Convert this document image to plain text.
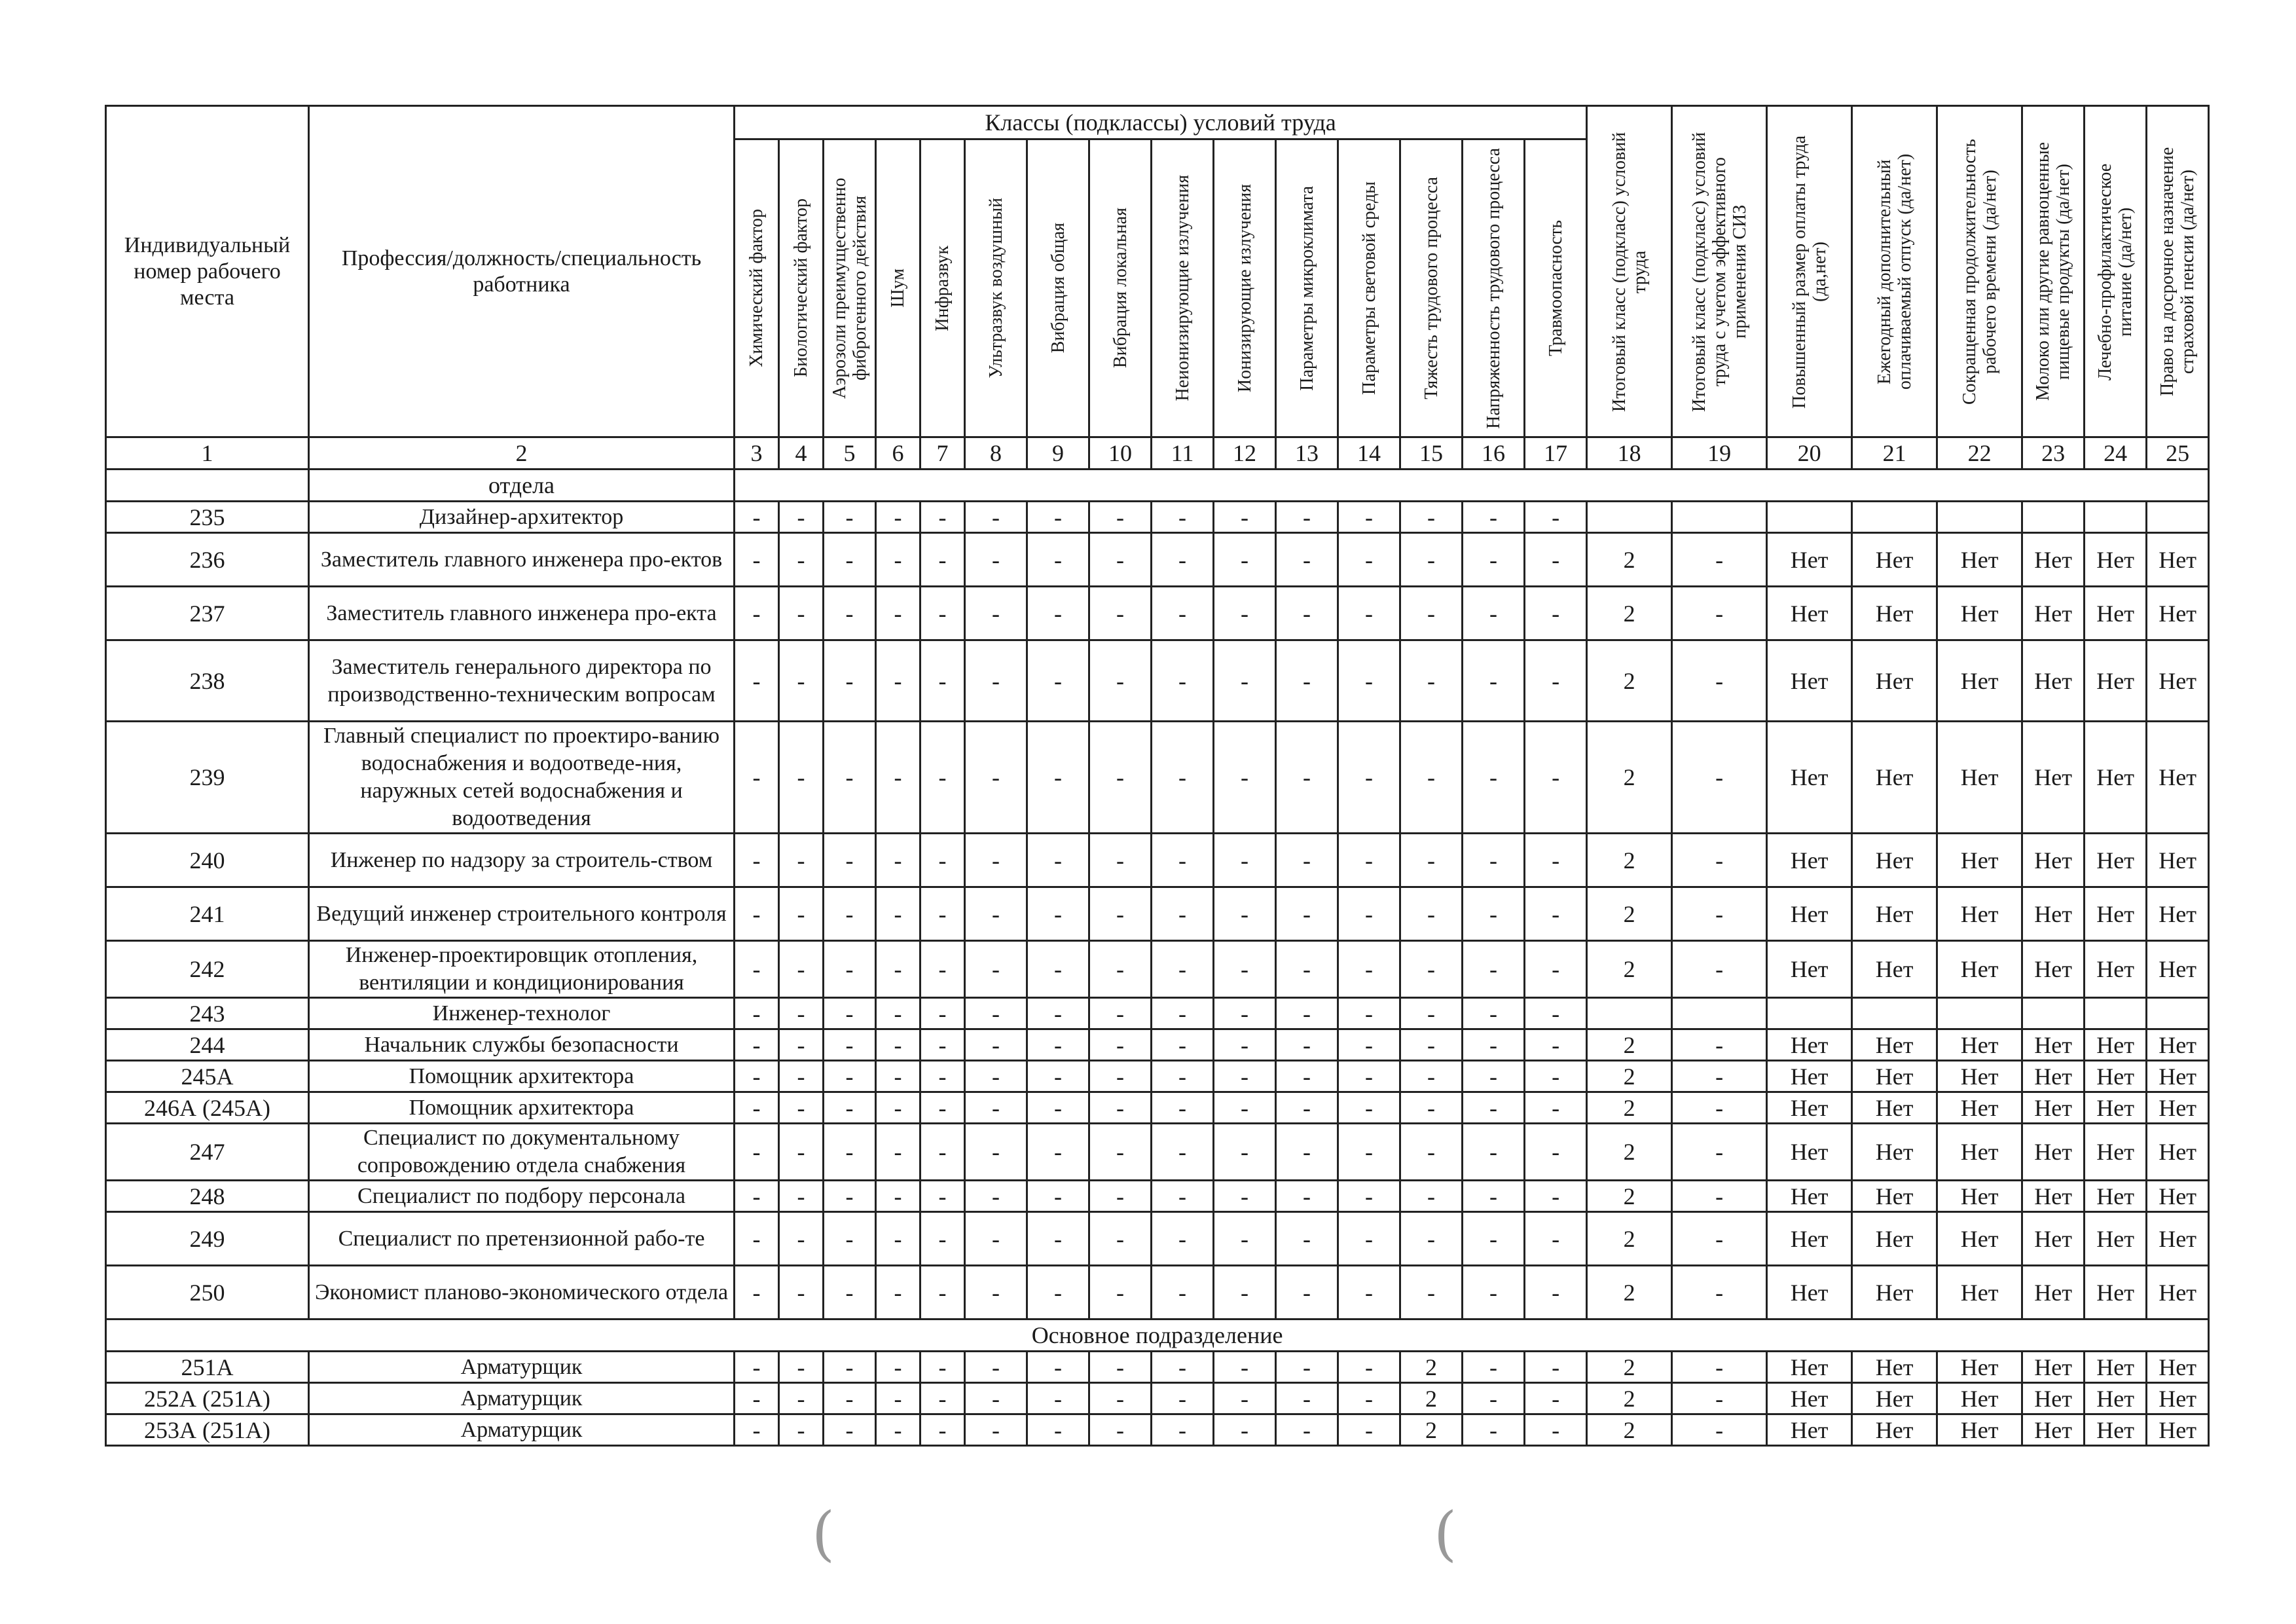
Индивидуальный номер рабочего места	Профессия/должность/специальность работника	Классы (подклассы) условий труда															Итоговый класс (подкласс) условий труда	Итоговый класс (подкласс) условий труда с учетом эффективного применения СИЗ	Повышенный размер оплаты труда (да,нет)	Ежегодный дополнительный оплачиваемый отпуск (да/нет)	Сокращенная продолжительность рабочего времени (да/нет)	Молоко или другие равноценные пищевые продукты (да/нет)	Лечебно-профилактическое питание (да/нет)	Право на досрочное назначение страховой пенсии (да/нет)

		Химический фактор	Биологический фактор	Аэрозоли преимущественно фиброгенного действия	Шум	Инфразвук	Ультразвук воздушный	Вибрация общая	Вибрация локальная	Неионизирующие излучения	Ионизирующие излучения	Параметры микроклимата	Параметры световой среды	Тяжесть трудового процесса	Напряженность трудового процесса	Травмоопасность								

1	2	3	4	5	6	7	8	9	10	11	12	13	14	15	16	17	18	19	20	21	22	23	24	25
	отдела																							
235	Дизайнер-архитектор	-	-	-	-	-	-	-	-	-	-	-	-	-	-	-								
236	Заместитель главного инженера про-ектов	-	-	-	-	-	-	-	-	-	-	-	-	-	-	-	2	-	Нет	Нет	Нет	Нет	Нет	Нет
237	Заместитель главного инженера про-екта	-	-	-	-	-	-	-	-	-	-	-	-	-	-	-	2	-	Нет	Нет	Нет	Нет	Нет	Нет
238	Заместитель генерального директора по производственно-техническим вопросам	-	-	-	-	-	-	-	-	-	-	-	-	-	-	-	2	-	Нет	Нет	Нет	Нет	Нет	Нет
239	Главный специалист по проектиро-ванию водоснабжения и водоотведе-ния, наружных сетей водоснабжения и водоотведения	-	-	-	-	-	-	-	-	-	-	-	-	-	-	-	2	-	Нет	Нет	Нет	Нет	Нет	Нет
240	Инженер по надзору за строитель-ством	-	-	-	-	-	-	-	-	-	-	-	-	-	-	-	2	-	Нет	Нет	Нет	Нет	Нет	Нет
241	Ведущий инженер строительного контроля	-	-	-	-	-	-	-	-	-	-	-	-	-	-	-	2	-	Нет	Нет	Нет	Нет	Нет	Нет
242	Инженер-проектировщик отопления, вентиляции и кондиционирования	-	-	-	-	-	-	-	-	-	-	-	-	-	-	-	2	-	Нет	Нет	Нет	Нет	Нет	Нет
243	Инженер-технолог	-	-	-	-	-	-	-	-	-	-	-	-	-	-	-								
244	Начальник службы безопасности	-	-	-	-	-	-	-	-	-	-	-	-	-	-	-	2	-	Нет	Нет	Нет	Нет	Нет	Нет
245А	Помощник архитектора	-	-	-	-	-	-	-	-	-	-	-	-	-	-	-	2	-	Нет	Нет	Нет	Нет	Нет	Нет
246А (245А)	Помощник архитектора	-	-	-	-	-	-	-	-	-	-	-	-	-	-	-	2	-	Нет	Нет	Нет	Нет	Нет	Нет
247	Специалист по документальному сопровождению отдела снабжения	-	-	-	-	-	-	-	-	-	-	-	-	-	-	-	2	-	Нет	Нет	Нет	Нет	Нет	Нет
248	Специалист по подбору персонала	-	-	-	-	-	-	-	-	-	-	-	-	-	-	-	2	-	Нет	Нет	Нет	Нет	Нет	Нет
249	Специалист по претензионной рабо-те	-	-	-	-	-	-	-	-	-	-	-	-	-	-	-	2	-	Нет	Нет	Нет	Нет	Нет	Нет
250	Экономист планово-экономического отдела	-	-	-	-	-	-	-	-	-	-	-	-	-	-	-	2	-	Нет	Нет	Нет	Нет	Нет	Нет
Основное подразделение																								
251А	Арматурщик	-	-	-	-	-	-	-	-	-	-	-	-	2	-	-	2	-	Нет	Нет	Нет	Нет	Нет	Нет
252А (251А)	Арматурщик	-	-	-	-	-	-	-	-	-	-	-	-	2	-	-	2	-	Нет	Нет	Нет	Нет	Нет	Нет
253А (251А)	Арматурщик	-	-	-	-	-	-	-	-	-	-	-	-	2	-	-	2	-	Нет	Нет	Нет	Нет	Нет	Нет
(	(
